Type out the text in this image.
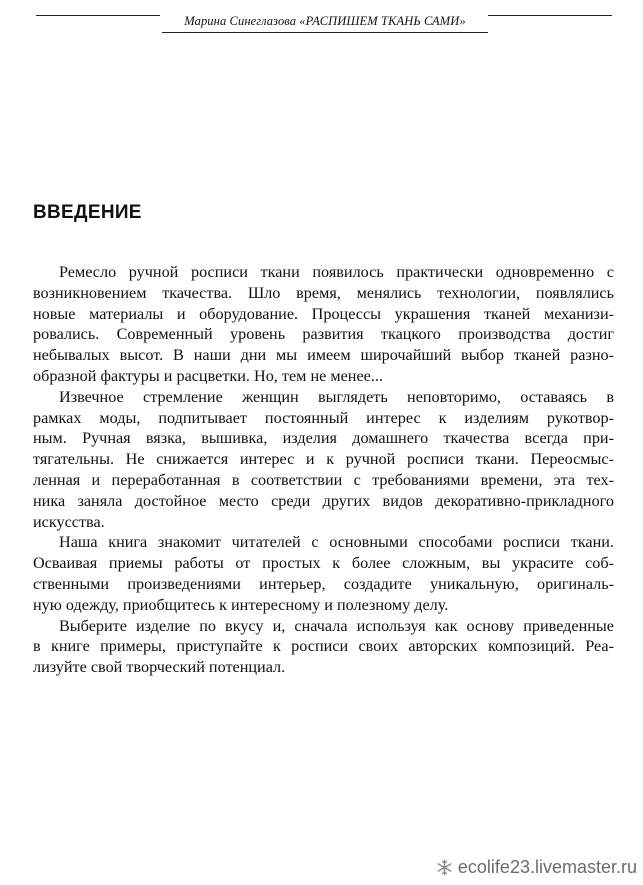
Марина Синеглазова «РАСПИШЕМ ТКАНЬ САМИ»
ВВЕДЕНИЕ
Ремесло ручной росписи ткани появилось практически одновременно с
возникновением ткачества. Шло время, менялись технологии, появлялись
новые материалы и оборудование. Процессы украшения тканей механизи-
ровались. Современный уровень развития ткацкого производства достиг
небывалых высот. В наши дни мы имеем широчайший выбор тканей разно-
образной фактуры и расцветки. Но, тем не менее...
Извечное стремление женщин выглядеть неповторимо, оставаясь в
рамках моды, подпитывает постоянный интерес к изделиям рукотвор-
ным. Ручная вязка, вышивка, изделия домашнего ткачества всегда при-
тягательны. Не снижается интерес и к ручной росписи ткани. Переосмыс-
ленная и переработанная в соответствии с требованиями времени, эта тех-
ника заняла достойное место среди других видов декоративно-прикладного
искусства.
Наша книга знакомит читателей с основными способами росписи ткани.
Осваивая приемы работы от простых к более сложным, вы украсите соб-
ственными произведениями интерьер, создадите уникальную, оригиналь-
ную одежду, приобщитесь к интересному и полезному делу.
Выберите изделие по вкусу и, сначала используя как основу приведенные
в книге примеры, приступайте к росписи своих авторских композиций. Реа-
лизуйте свой творческий потенциал.
ecolife23.livemaster.ru
